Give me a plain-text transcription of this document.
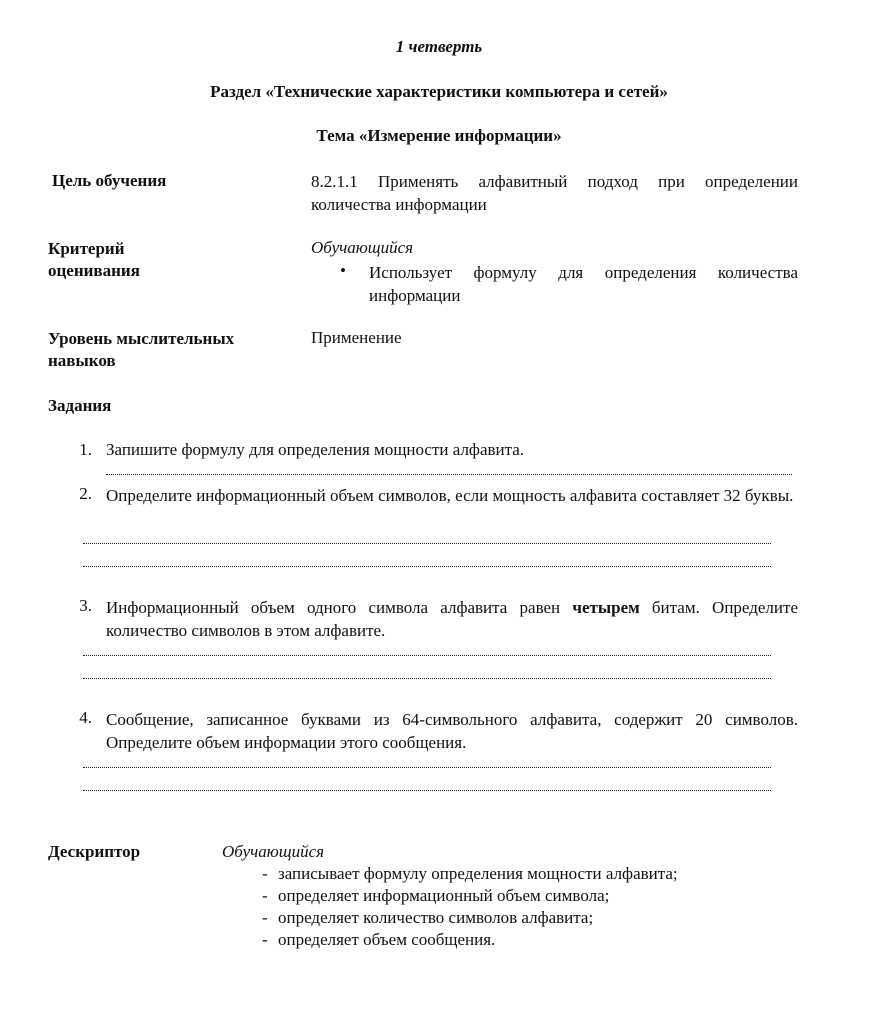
1 четверть
Раздел «Технические характеристики компьютера и сетей»
Тема «Измерение информации»
Цель обучения	8.2.1.1 Применять алфавитный подход при определении количества информации
Критерий
оценивания
Обучающийся
• Использует формулу для определения количества информации
Уровень мыслительных
навыков
Применение
Задания
1. Запишите формулу для определения мощности алфавита.
2. Определите информационный объем символов, если мощность алфавита составляет 32 буквы.
3. Информационный объем одного символа алфавита равен четырем битам. Определите количество символов в этом алфавите.
4. Сообщение, записанное буквами из 64-символьного алфавита, содержит 20 символов. Определите объем информации этого сообщения.
Дескриптор	Обучающийся
- записывает формулу определения мощности алфавита;
- определяет информационный объем символа;
- определяет количество символов алфавита;
- определяет объем сообщения.
